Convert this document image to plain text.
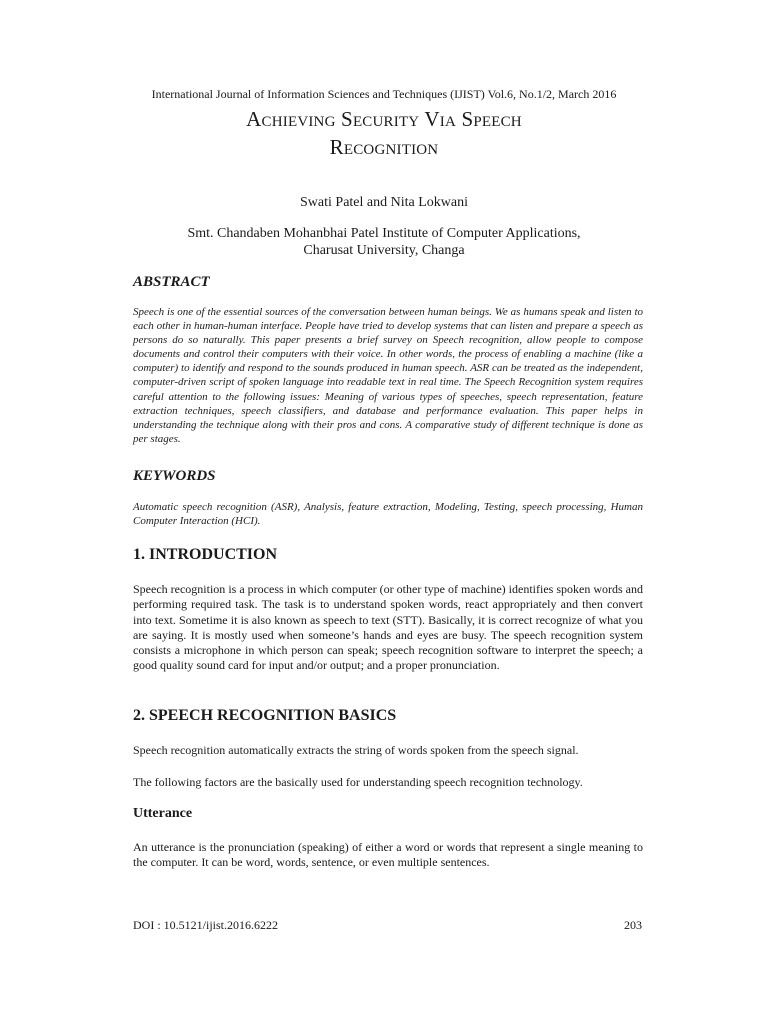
International Journal of Information Sciences and Techniques (IJIST) Vol.6, No.1/2, March 2016
Achieving Security Via Speech
Recognition
Swati Patel and Nita Lokwani
Smt. Chandaben Mohanbhai Patel Institute of Computer Applications,
Charusat University, Changa
ABSTRACT
Speech is one of the essential sources of the conversation between human beings. We as humans speak and listen to each other in human-human interface. People have tried to develop systems that can listen and prepare a speech as persons do so naturally. This paper presents a brief survey on Speech recognition, allow people to compose documents and control their computers with their voice. In other words, the process of enabling a machine (like a computer) to identify and respond to the sounds produced in human speech. ASR can be treated as the independent, computer-driven script of spoken language into readable text in real time. The Speech Recognition system requires careful attention to the following issues: Meaning of various types of speeches, speech representation, feature extraction techniques, speech classifiers, and database and performance evaluation. This paper helps in understanding the technique along with their pros and cons. A comparative study of different technique is done as per stages.
KEYWORDS
Automatic speech recognition (ASR), Analysis, feature extraction, Modeling, Testing, speech processing, Human Computer Interaction (HCI).
1. INTRODUCTION
Speech recognition is a process in which computer (or other type of machine) identifies spoken words and performing required task. The task is to understand spoken words, react appropriately and then convert into text. Sometime it is also known as speech to text (STT). Basically, it is correct recognize of what you are saying. It is mostly used when someone’s hands and eyes are busy. The speech recognition system consists a microphone in which person can speak; speech recognition software to interpret the speech; a good quality sound card for input and/or output; and a proper pronunciation.
2. SPEECH RECOGNITION BASICS
Speech recognition automatically extracts the string of words spoken from the speech signal.
The following factors are the basically used for understanding speech recognition technology.
Utterance
An utterance is the pronunciation (speaking) of either a word or words that represent a single meaning to the computer. It can be word, words, sentence, or even multiple sentences.
DOI : 10.5121/ijist.2016.6222	203
